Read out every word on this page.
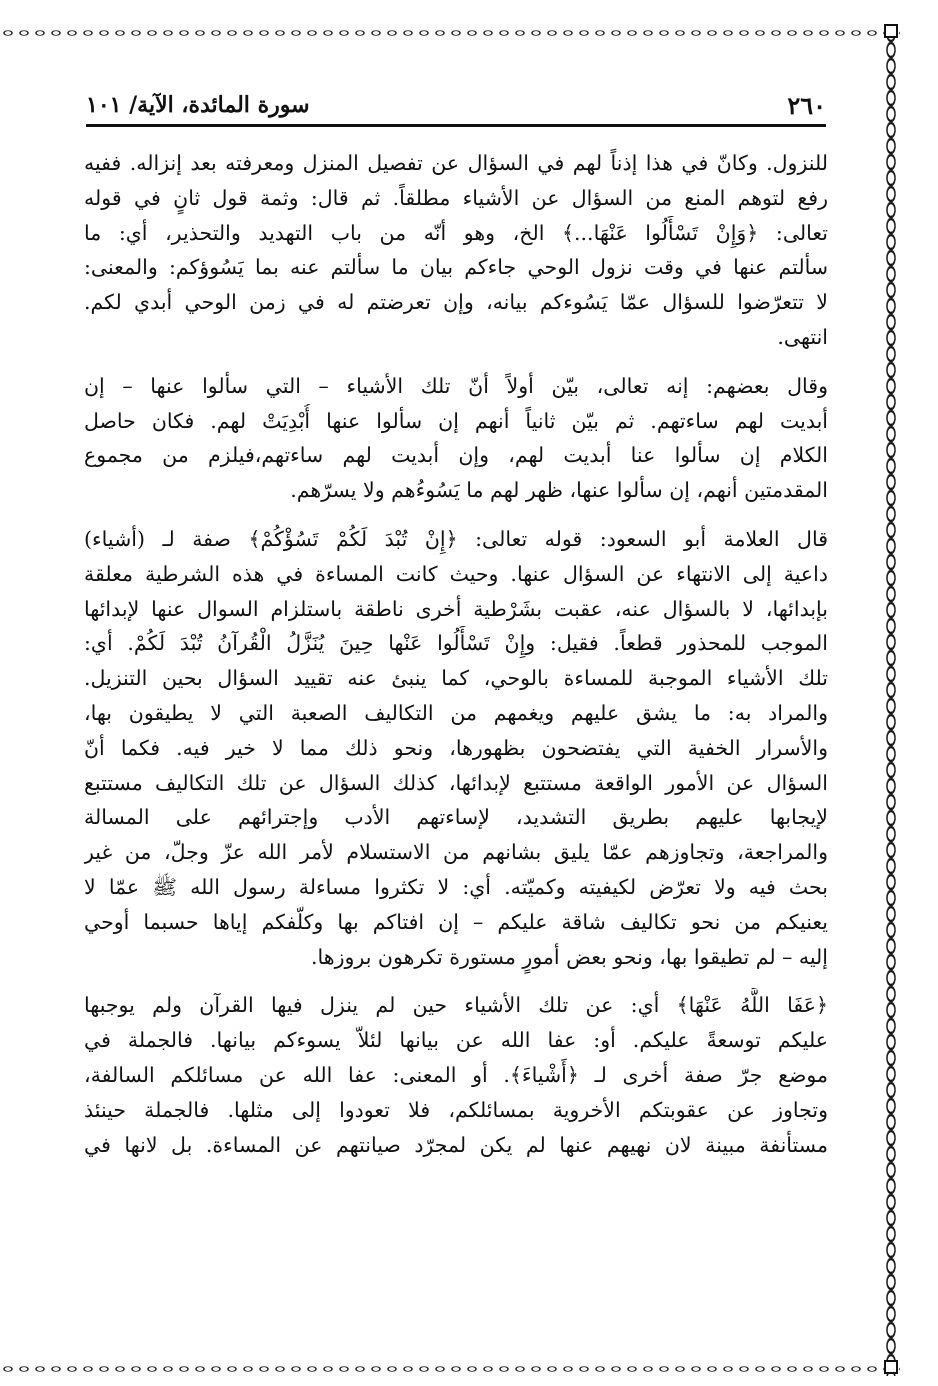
٢٦٠
سورة المائدة، الآية/ ١٠١

للنزول. وكانّ في هذا إذناً لهم في السؤال عن تفصيل المنزل ومعرفته بعد إنزاله. ففيه
رفع لتوهم المنع من السؤال عن الأشياء مطلقاً. ثم قال: وثمة قول ثانٍ في قوله
تعالى: ﴿وَإِنْ تَسْأَلُوا عَنْهَا...﴾ الخ، وهو أنّه من باب التهديد والتحذير، أي: ما
سألتم عنها في وقت نزول الوحي جاءكم بيان ما سألتم عنه بما يَسُوؤكم: والمعنى:
لا تتعرّضوا للسؤال عمّا يَسُوءكم بيانه، وإن تعرضتم له في زمن الوحي أبدي لكم.
انتهى.

وقال بعضهم: إنه تعالى، بيّن أولاً أنّ تلك الأشياء – التي سألوا عنها – إن
أبديت لهم ساءتهم. ثم بيّن ثانياً أنهم إن سألوا عنها أُبْدِيَتْ لهم. فكان حاصل
الكلام إن سألوا عنا أبديت لهم، وإن أبديت لهم ساءتهم،فيلزم من مجموع
المقدمتين أنهم، إن سألوا عنها، ظهر لهم ما يَسُوءُهم ولا يسرّهم.

قال العلامة أبو السعود: قوله تعالى: ﴿إِنْ تُبْدَ لَكُمْ تَسُؤْكُمْ﴾ صفة لـ (أشياء)
داعية إلى الانتهاء عن السؤال عنها. وحيث كانت المساءة في هذه الشرطية معلقة
بإبدائها، لا بالسؤال عنه، عقبت بشَرْطية أخرى ناطقة باستلزام السوال عنها لإبدائها
الموجب للمحذور قطعاً. فقيل: وإِنْ تَسْأَلُوا عَنْها حِينَ يُنَزَّلُ الْقُرآنُ تُبْدَ لَكُمْ. أي:
تلك الأشياء الموجبة للمساءة بالوحي، كما ينبئ عنه تقييد السؤال بحين التنزيل.
والمراد به: ما يشق عليهم ويغمهم من التكاليف الصعبة التي لا يطيقون بها،
والأسرار الخفية التي يفتضحون بظهورها، ونحو ذلك مما لا خير فيه. فكما أنّ
السؤال عن الأمور الواقعة مستتبع لإبدائها، كذلك السؤال عن تلك التكاليف مستتبع
لإيجابها عليهم بطريق التشديد، لإساءتهم الأدب وإجترائهم على المسالة
والمراجعة، وتجاوزهم عمّا يليق بشانهم من الاستسلام لأمر الله عزّ وجلّ، من غير
بحث فيه ولا تعرّض لكيفيته وكميّته. أي: لا تكثروا مساءلة رسول الله ﷺ عمّا لا
يعنيكم من نحو تكاليف شاقة عليكم – إن افتاكم بها وكلّفكم إياها حسبما أوحي
إليه – لم تطيقوا بها، ونحو بعض أمورٍ مستورة تكرهون بروزها.

﴿عَفَا اللَّهُ عَنْهَا﴾ أي: عن تلك الأشياء حين لم ينزل فيها القرآن ولم يوجبها
عليكم توسعةً عليكم. أو: عفا الله عن بيانها لئلاّ يسوءكم بيانها. فالجملة في
موضع جرّ صفة أخرى لـ ﴿أَشْياءَ﴾. أو المعنى: عفا الله عن مسائلكم السالفة،
وتجاوز عن عقوبتكم الأخروية بمسائلكم، فلا تعودوا إلى مثلها. فالجملة حينئذ
مستأنفة مبينة لان نهيهم عنها لم يكن لمجرّد صيانتهم عن المساءة. بل لانها في
